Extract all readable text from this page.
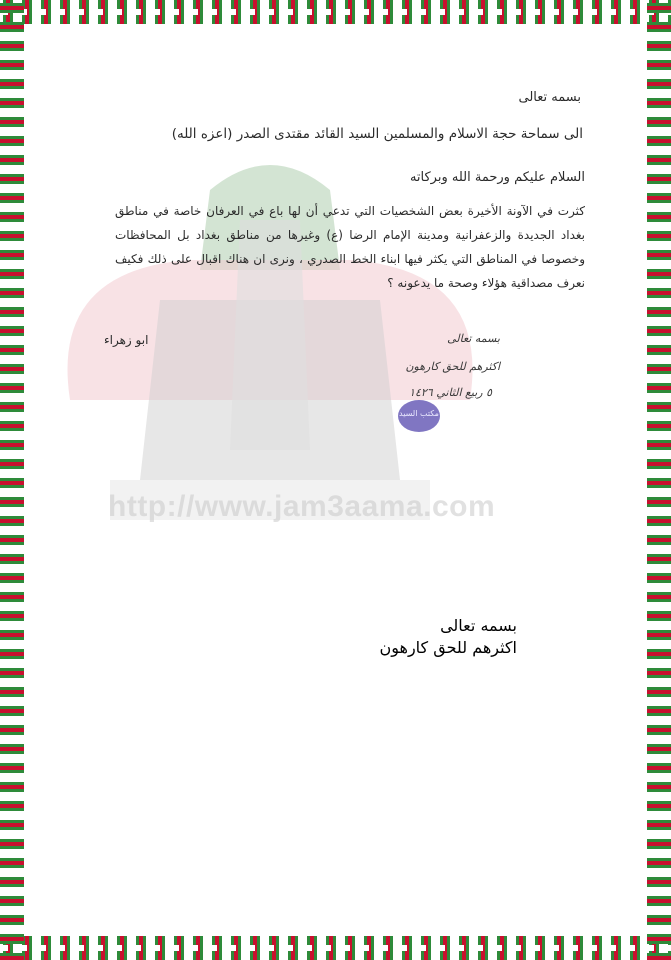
http://www.jam3aama.com
بسمه تعالى
الى سماحة حجة الاسلام والمسلمين السيد القائد مقتدى الصدر (اعزه الله)
السلام عليكم ورحمة الله وبركاته
كثرت في الآونة الأخيرة بعض الشخصيات التي تدعي أن لها باع في العرفان خاصة في مناطق بغداد الجديدة والزعفرانية ومدينة الإمام الرضا (ع) وغيرها من مناطق بغداد بل المحافظات وخصوصا في المناطق التي يكثر فيها ابناء الخط الصدري ، ونرى ان هناك اقبال على ذلك فكيف نعرف مصداقية هؤلاء وصحة ما يدعونه ؟
ابو زهراء	بسمه تعالى
اكثرهم للحق كارهون
٥ ربيع الثاني ١٤٢٦
مكتب السيد
بسمه تعالى
اكثرهم للحق كارهون
